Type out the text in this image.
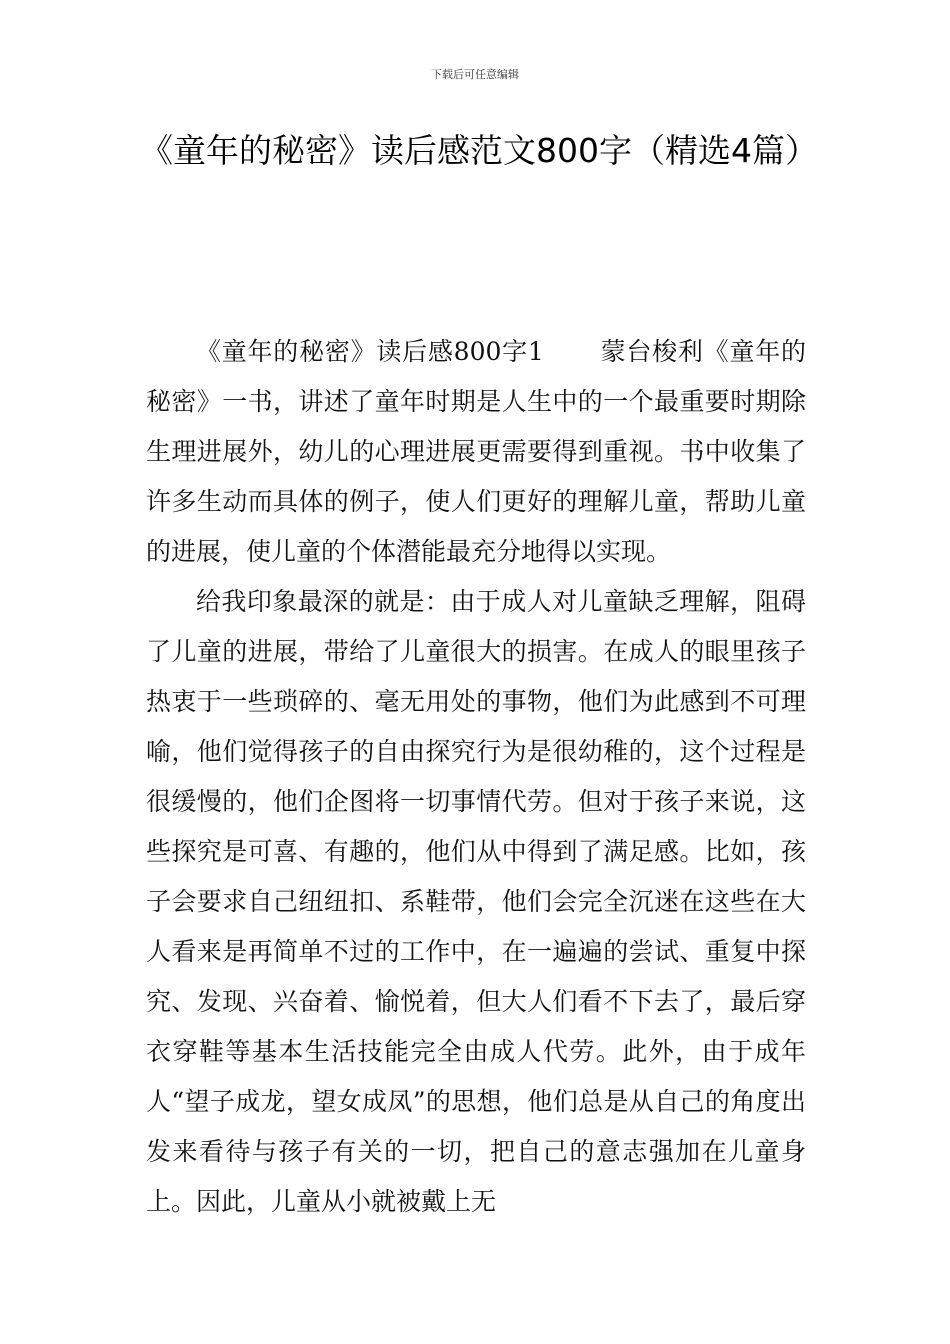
下载后可任意编辑
《童年的秘密》读后感范文800字（精选4篇）

《童年的秘密》读后感800字1 蒙台梭利《童年的秘密》一书，讲述了童年时期是人生中的一个最重要时期除生理进展外，幼儿的心理进展更需要得到重视。书中收集了许多生动而具体的例子，使人们更好的理解儿童，帮助儿童的进展，使儿童的个体潜能最充分地得以实现。

给我印象最深的就是：由于成人对儿童缺乏理解，阻碍了儿童的进展，带给了儿童很大的损害。在成人的眼里孩子热衷于一些琐碎的、毫无用处的事物，他们为此感到不可理喻，他们觉得孩子的自由探究行为是很幼稚的，这个过程是很缓慢的，他们企图将一切事情代劳。但对于孩子来说，这些探究是可喜、有趣的，他们从中得到了满足感。比如，孩子会要求自己纽纽扣、系鞋带，他们会完全沉迷在这些在大人看来是再简单不过的工作中，在一遍遍的尝试、重复中探究、发现、兴奋着、愉悦着，但大人们看不下去了，最后穿衣穿鞋等基本生活技能完全由成人代劳。此外，由于成年人“望子成龙，望女成凤”的思想，他们总是从自己的角度出发来看待与孩子有关的一切，把自己的意志强加在儿童身上。因此，儿童从小就被戴上无
